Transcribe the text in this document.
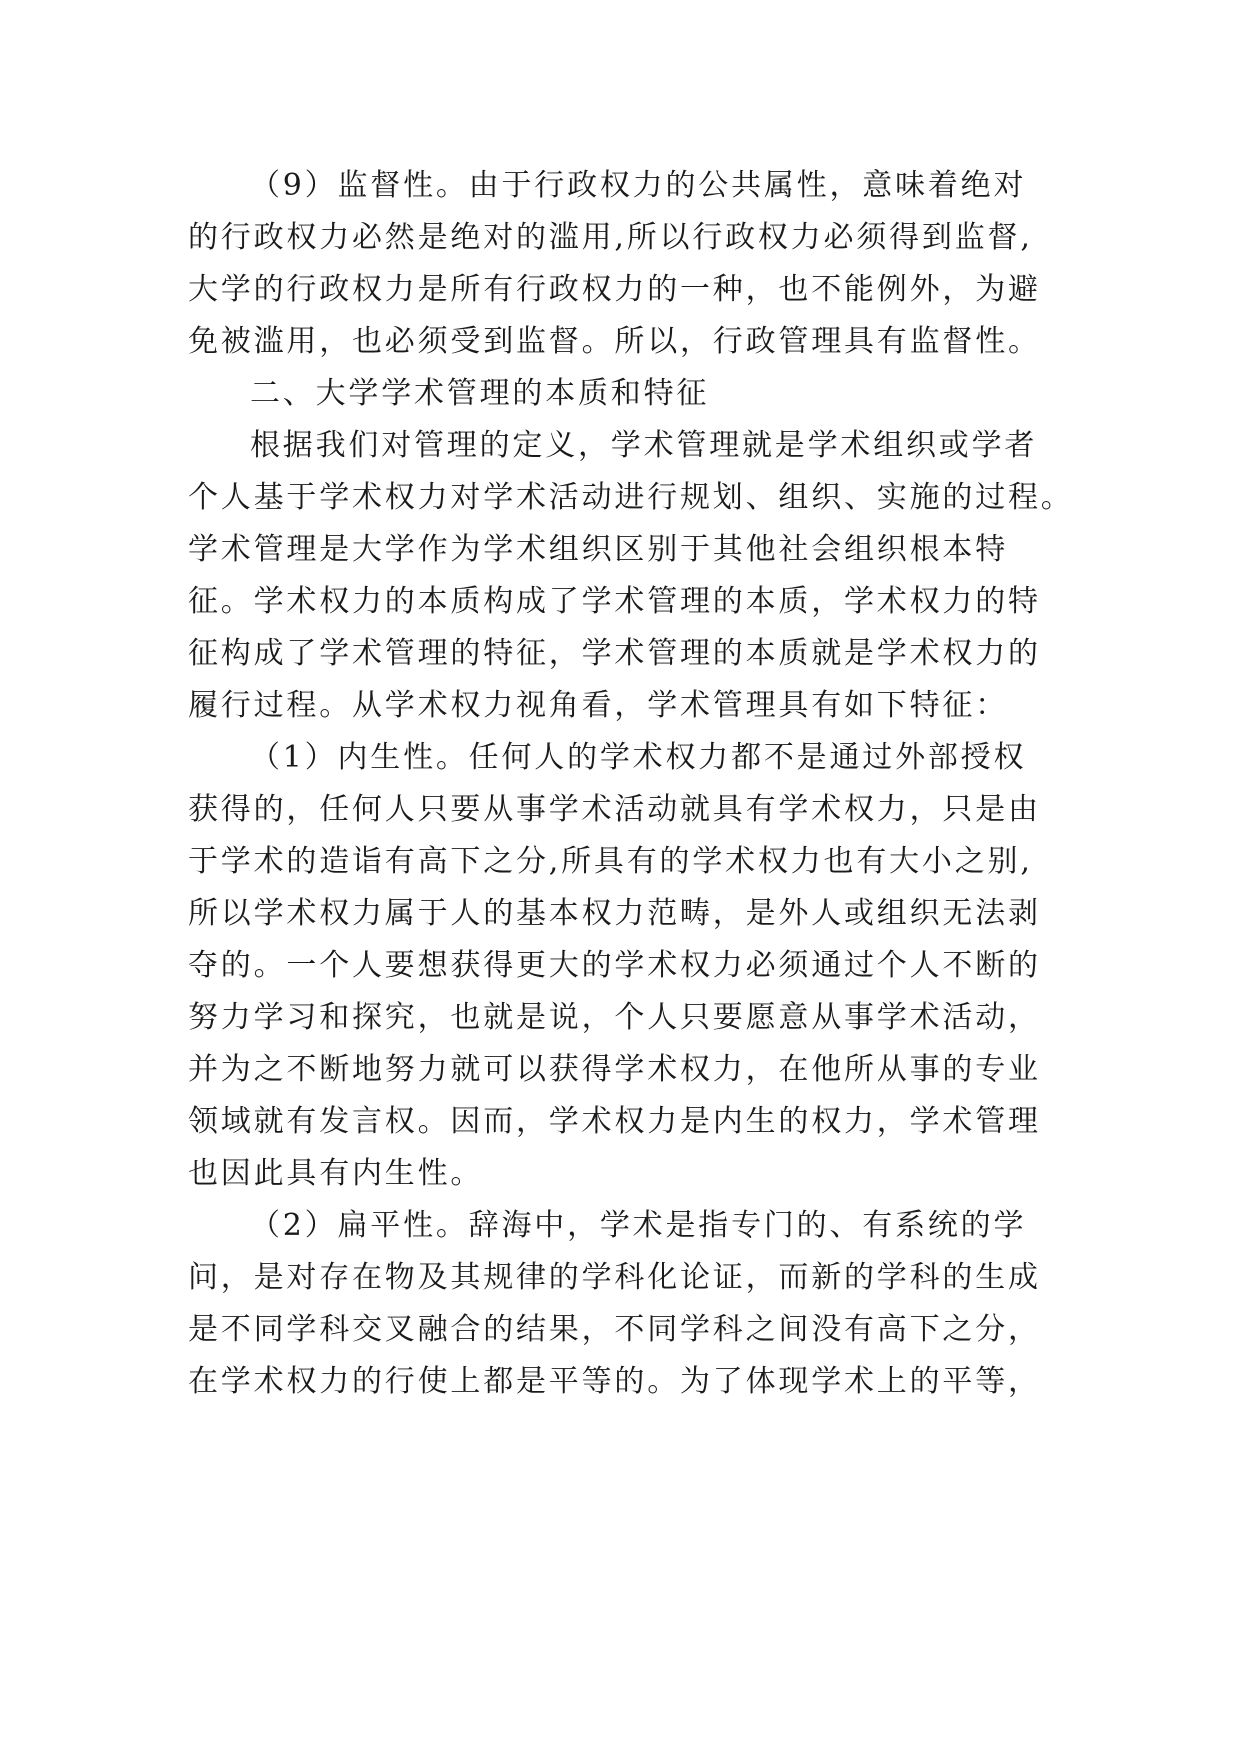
（9）监督性。由于行政权力的公共属性，意味着绝对
的行政权力必然是绝对的滥用,所以行政权力必须得到监督,
大学的行政权力是所有行政权力的一种，也不能例外，为避
免被滥用，也必须受到监督。所以，行政管理具有监督性。
二、大学学术管理的本质和特征
根据我们对管理的定义，学术管理就是学术组织或学者
个人基于学术权力对学术活动进行规划、组织、实施的过程。
学术管理是大学作为学术组织区别于其他社会组织根本特
征。学术权力的本质构成了学术管理的本质，学术权力的特
征构成了学术管理的特征，学术管理的本质就是学术权力的
履行过程。从学术权力视角看，学术管理具有如下特征：
（1）内生性。任何人的学术权力都不是通过外部授权
获得的，任何人只要从事学术活动就具有学术权力，只是由
于学术的造诣有高下之分,所具有的学术权力也有大小之别,
所以学术权力属于人的基本权力范畴，是外人或组织无法剥
夺的。一个人要想获得更大的学术权力必须通过个人不断的
努力学习和探究，也就是说，个人只要愿意从事学术活动，
并为之不断地努力就可以获得学术权力，在他所从事的专业
领域就有发言权。因而，学术权力是内生的权力，学术管理
也因此具有内生性。
（2）扁平性。辞海中，学术是指专门的、有系统的学
问，是对存在物及其规律的学科化论证，而新的学科的生成
是不同学科交叉融合的结果，不同学科之间没有高下之分，
在学术权力的行使上都是平等的。为了体现学术上的平等，
